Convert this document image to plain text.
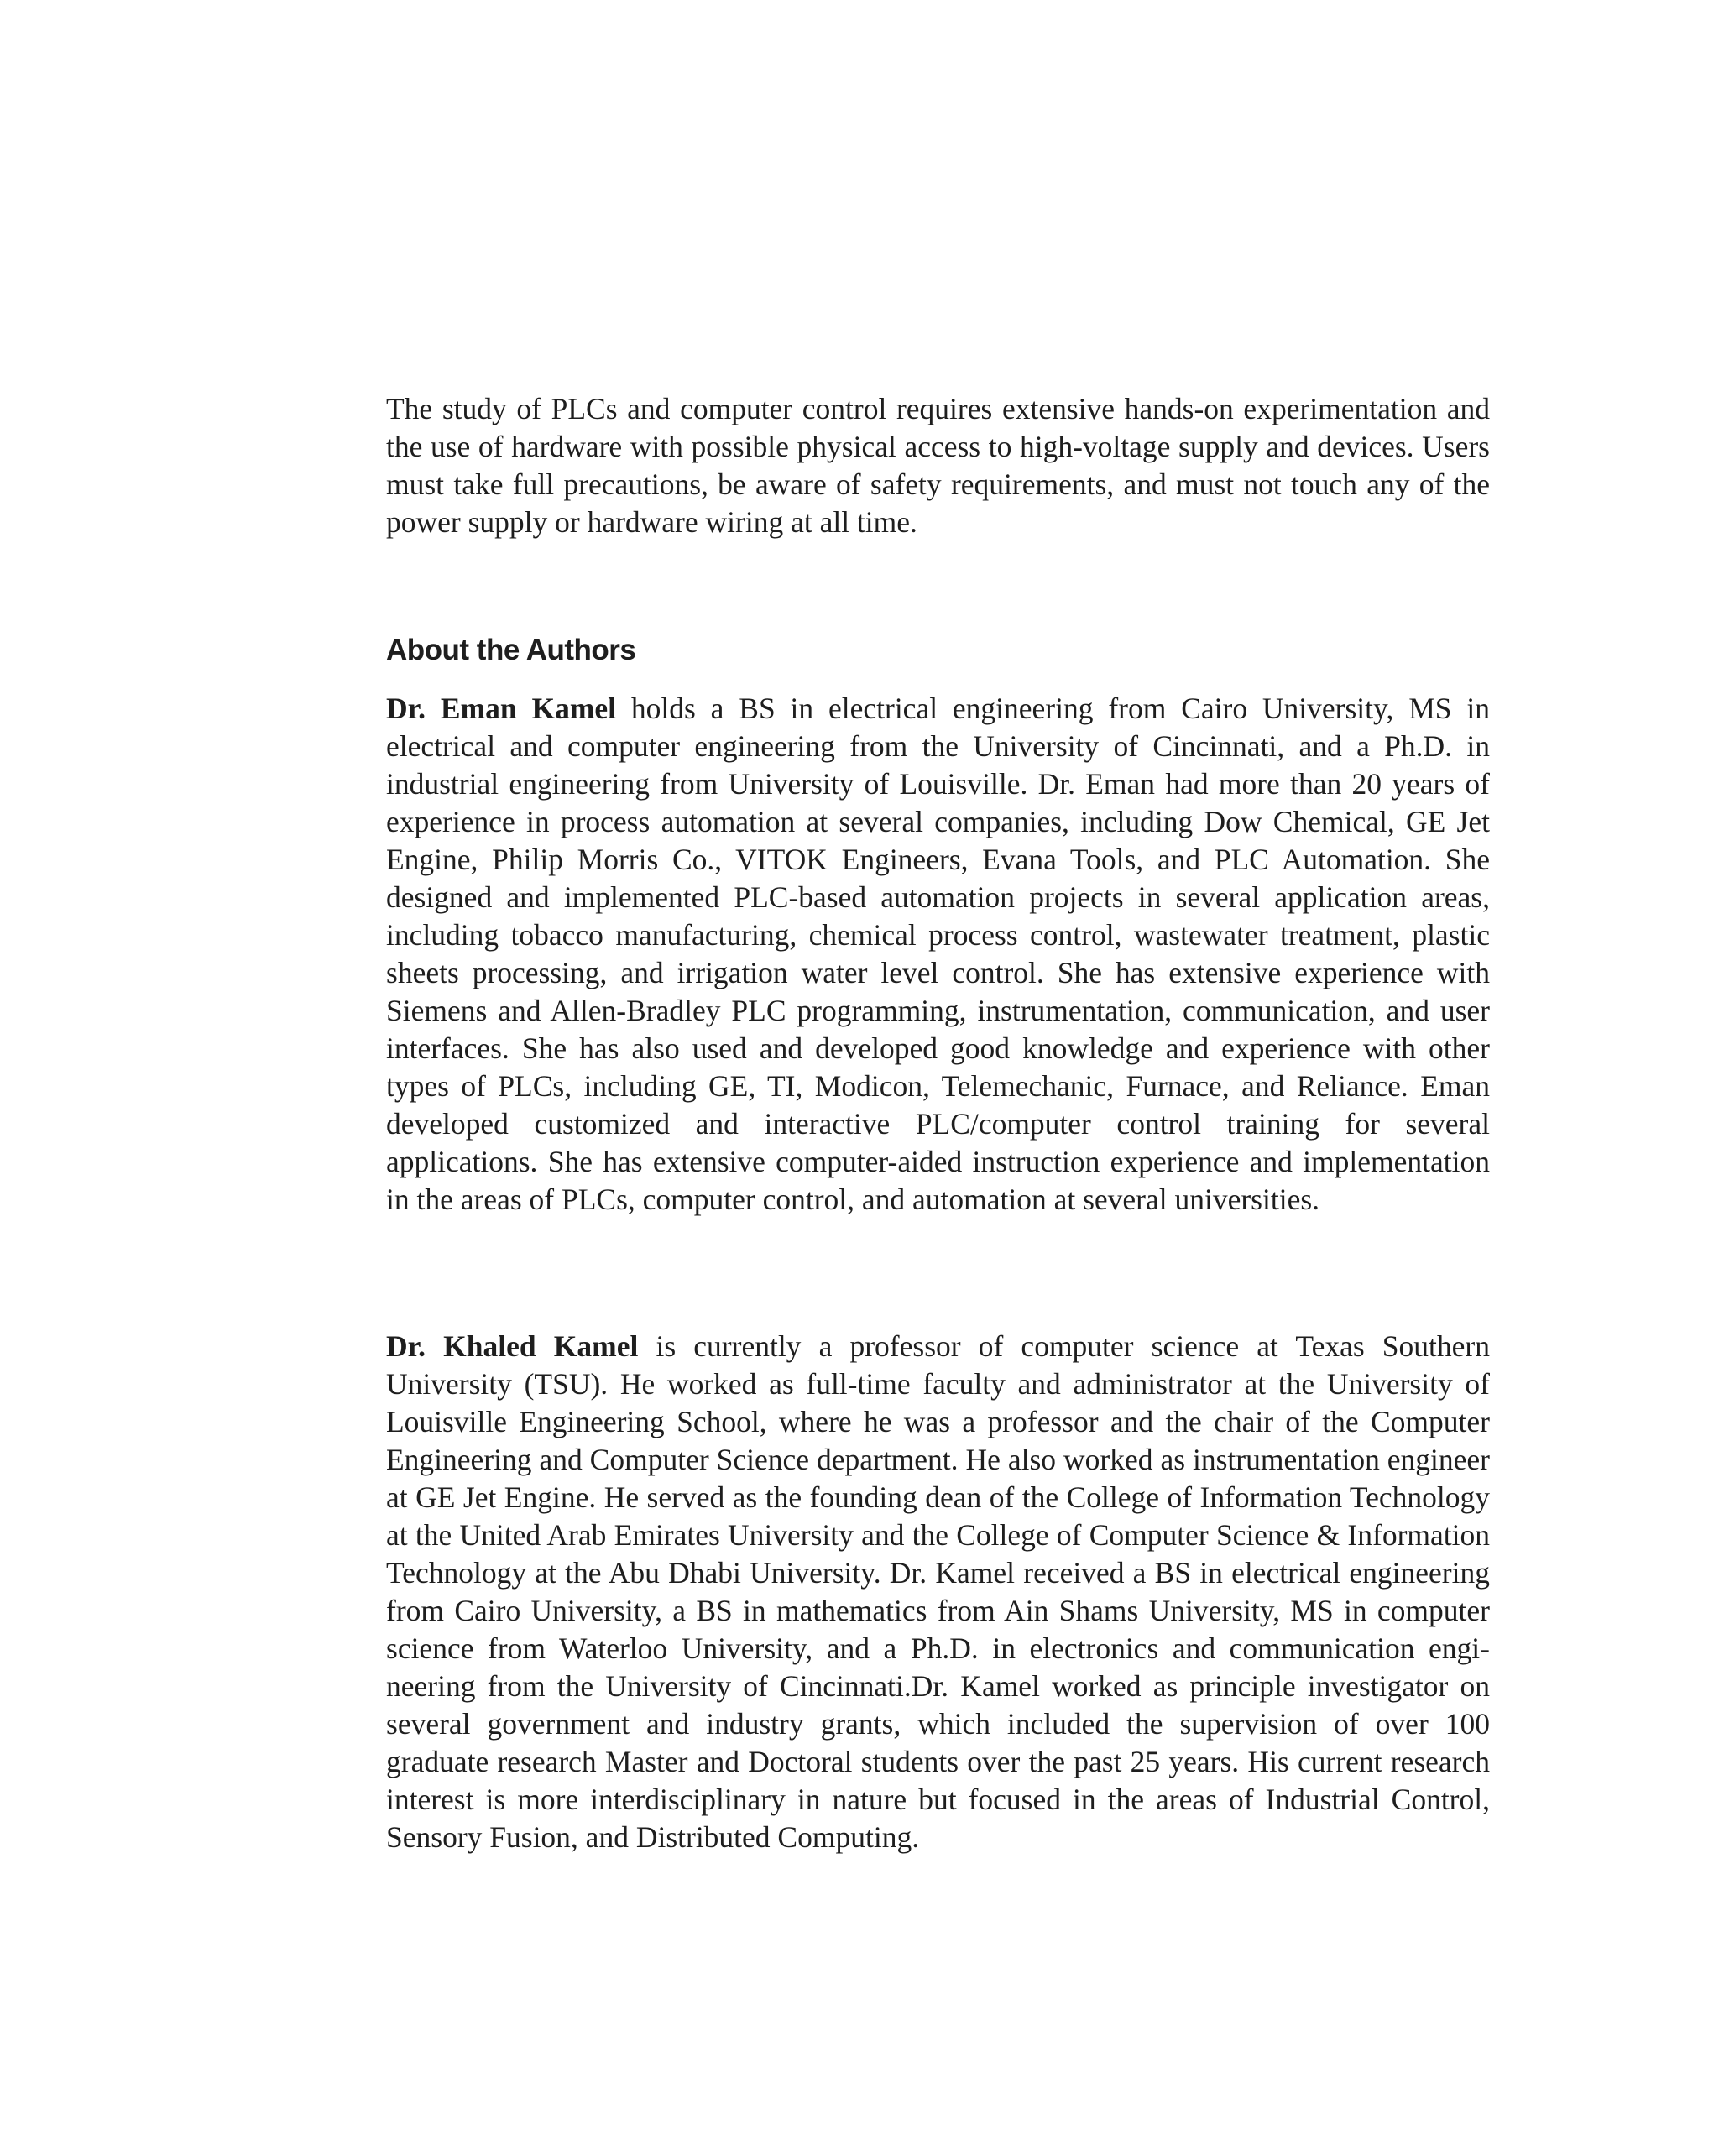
The study of PLCs and computer control requires extensive hands-on experimentation and the use of hardware with possible physical access to high-voltage supply and devices. Users must take full precautions, be aware of safety requirements, and must not touch any of the power supply or hardware wiring at all time.

About the Authors

Dr. Eman Kamel holds a BS in electrical engineering from Cairo University, MS in electrical and computer engineering from the University of Cincinnati, and a Ph.D. in industrial engineering from University of Louisville. Dr. Eman had more than 20 years of experience in process automation at several companies, including Dow Chemical, GE Jet Engine, Philip Morris Co., VITOK Engineers, Evana Tools, and PLC Automation. She designed and implemented PLC-based automation projects in several application areas, including tobacco manufacturing, chemical process control, wastewater treatment, plastic sheets processing, and irrigation water level control. She has extensive experience with Siemens and Allen-Bradley PLC programming, instrumentation, communication, and user interfaces. She has also used and developed good knowledge and experience with other types of PLCs, including GE, TI, Modicon, Telemechanic, Furnace, and Reliance. Eman developed customized and interactive PLC/computer control training for several applications. She has extensive computer-aided instruction experience and implementation in the areas of PLCs, computer control, and automation at several universities.

Dr. Khaled Kamel is currently a professor of computer science at Texas Southern University (TSU). He worked as full-time faculty and administrator at the University of Louisville Engineering School, where he was a professor and the chair of the Computer Engineering and Computer Science department. He also worked as instrumentation engineer at GE Jet Engine. He served as the founding dean of the College of Information Technology at the United Arab Emirates University and the College of Computer Science & Information Technology at the Abu Dhabi University. Dr. Kamel received a BS in electrical engineering from Cairo University, a BS in mathematics from Ain Shams University, MS in computer science from Waterloo University, and a Ph.D. in electronics and communication engineering from the University of Cincinnati.Dr. Kamel worked as principle investigator on several government and industry grants, which included the supervision of over 100 graduate research Master and Doctoral students over the past 25 years. His current research interest is more interdisciplinary in nature but focused in the areas of Industrial Control, Sensory Fusion, and Distributed Computing.
